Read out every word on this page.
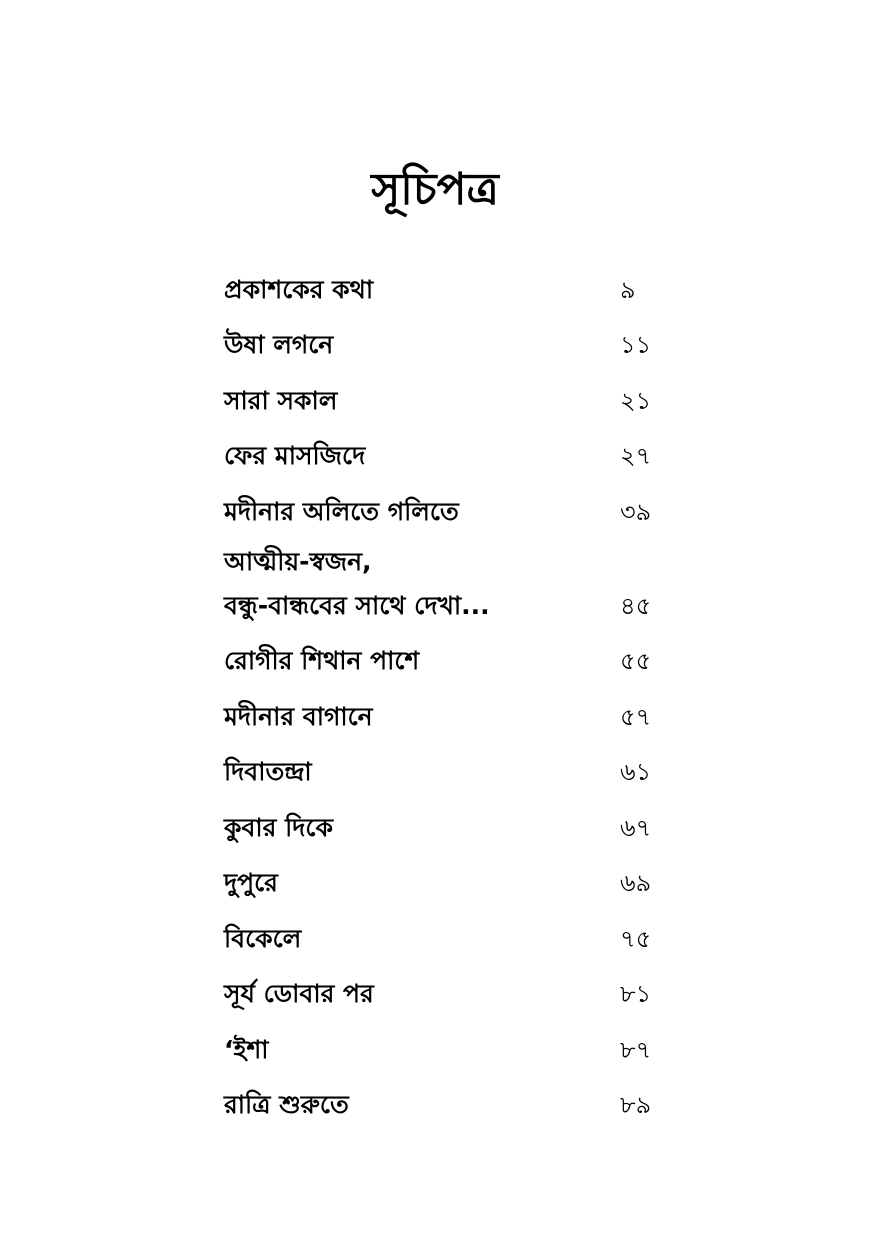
সূচিপত্র
প্রকাশকের কথা	৯
উষা লগনে	১১
সারা সকাল	২১
ফের মাসজিদে	২৭
মদীনার অলিতে গলিতে	৩৯
আত্মীয়-স্বজন,
বন্ধু-বান্ধবের সাথে দেখা...	৪৫
রোগীর শিথান পাশে	৫৫
মদীনার বাগানে	৫৭
দিবাতন্দ্রা	৬১
কুবার দিকে	৬৭
দুপুরে	৬৯
বিকেলে	৭৫
সূর্য ডোবার পর	৮১
‘ইশা	৮৭
রাত্রি শুরুতে	৮৯
